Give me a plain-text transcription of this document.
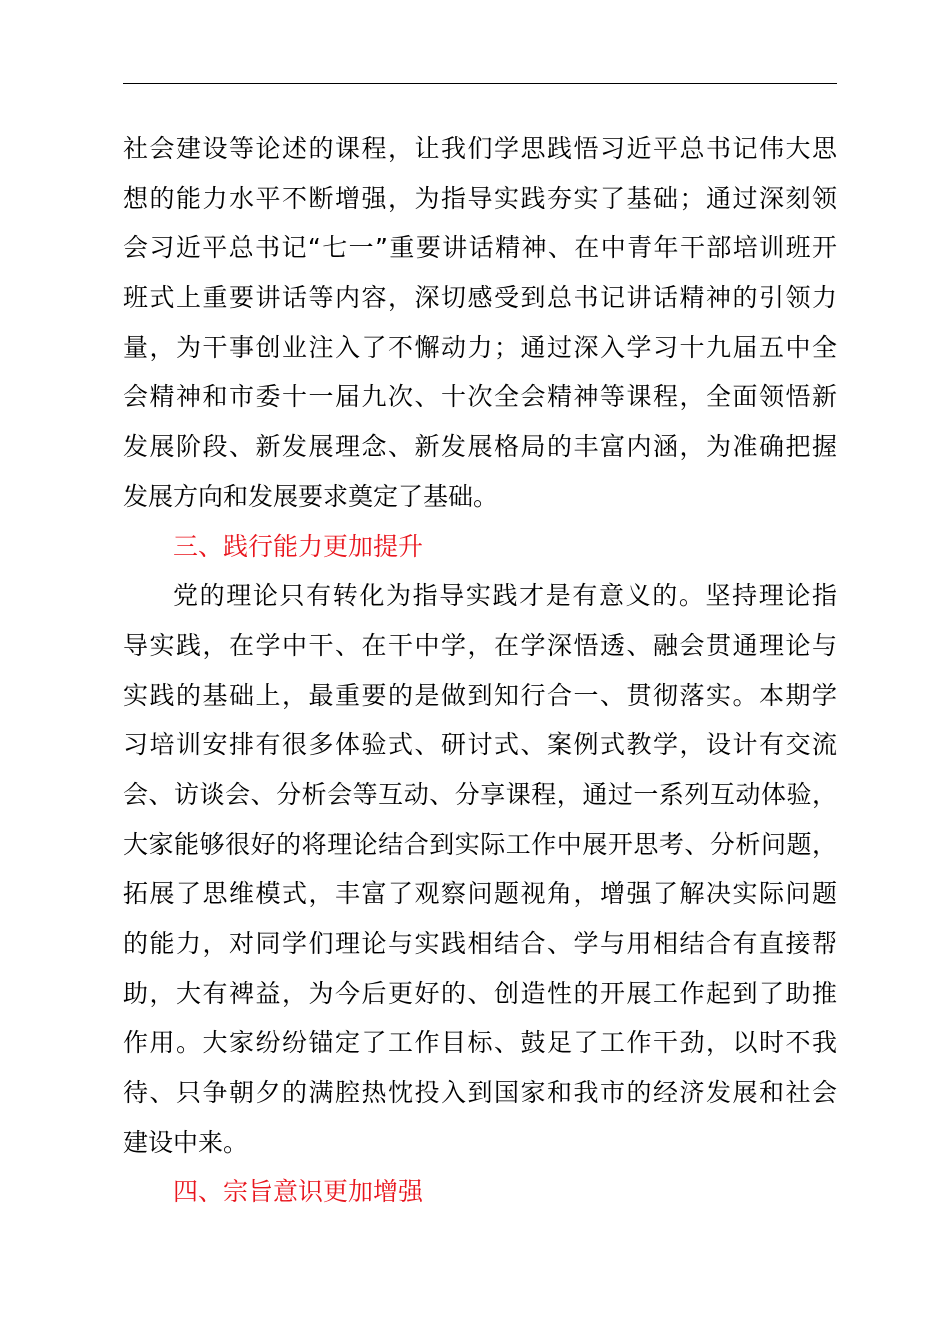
社会建设等论述的课程，让我们学思践悟习近平总书记伟大思
想的能力水平不断增强，为指导实践夯实了基础；通过深刻领
会习近平总书记“七一”重要讲话精神、在中青年干部培训班开
班式上重要讲话等内容，深切感受到总书记讲话精神的引领力
量，为干事创业注入了不懈动力；通过深入学习十九届五中全
会精神和市委十一届九次、十次全会精神等课程，全面领悟新
发展阶段、新发展理念、新发展格局的丰富内涵，为准确把握
发展方向和发展要求奠定了基础。
三、践行能力更加提升
党的理论只有转化为指导实践才是有意义的。坚持理论指
导实践，在学中干、在干中学，在学深悟透、融会贯通理论与
实践的基础上，最重要的是做到知行合一、贯彻落实。本期学
习培训安排有很多体验式、研讨式、案例式教学，设计有交流
会、访谈会、分析会等互动、分享课程，通过一系列互动体验，
大家能够很好的将理论结合到实际工作中展开思考、分析问题，
拓展了思维模式，丰富了观察问题视角，增强了解决实际问题
的能力，对同学们理论与实践相结合、学与用相结合有直接帮
助，大有裨益，为今后更好的、创造性的开展工作起到了助推
作用。大家纷纷锚定了工作目标、鼓足了工作干劲，以时不我
待、只争朝夕的满腔热忱投入到国家和我市的经济发展和社会
建设中来。
四、宗旨意识更加增强
